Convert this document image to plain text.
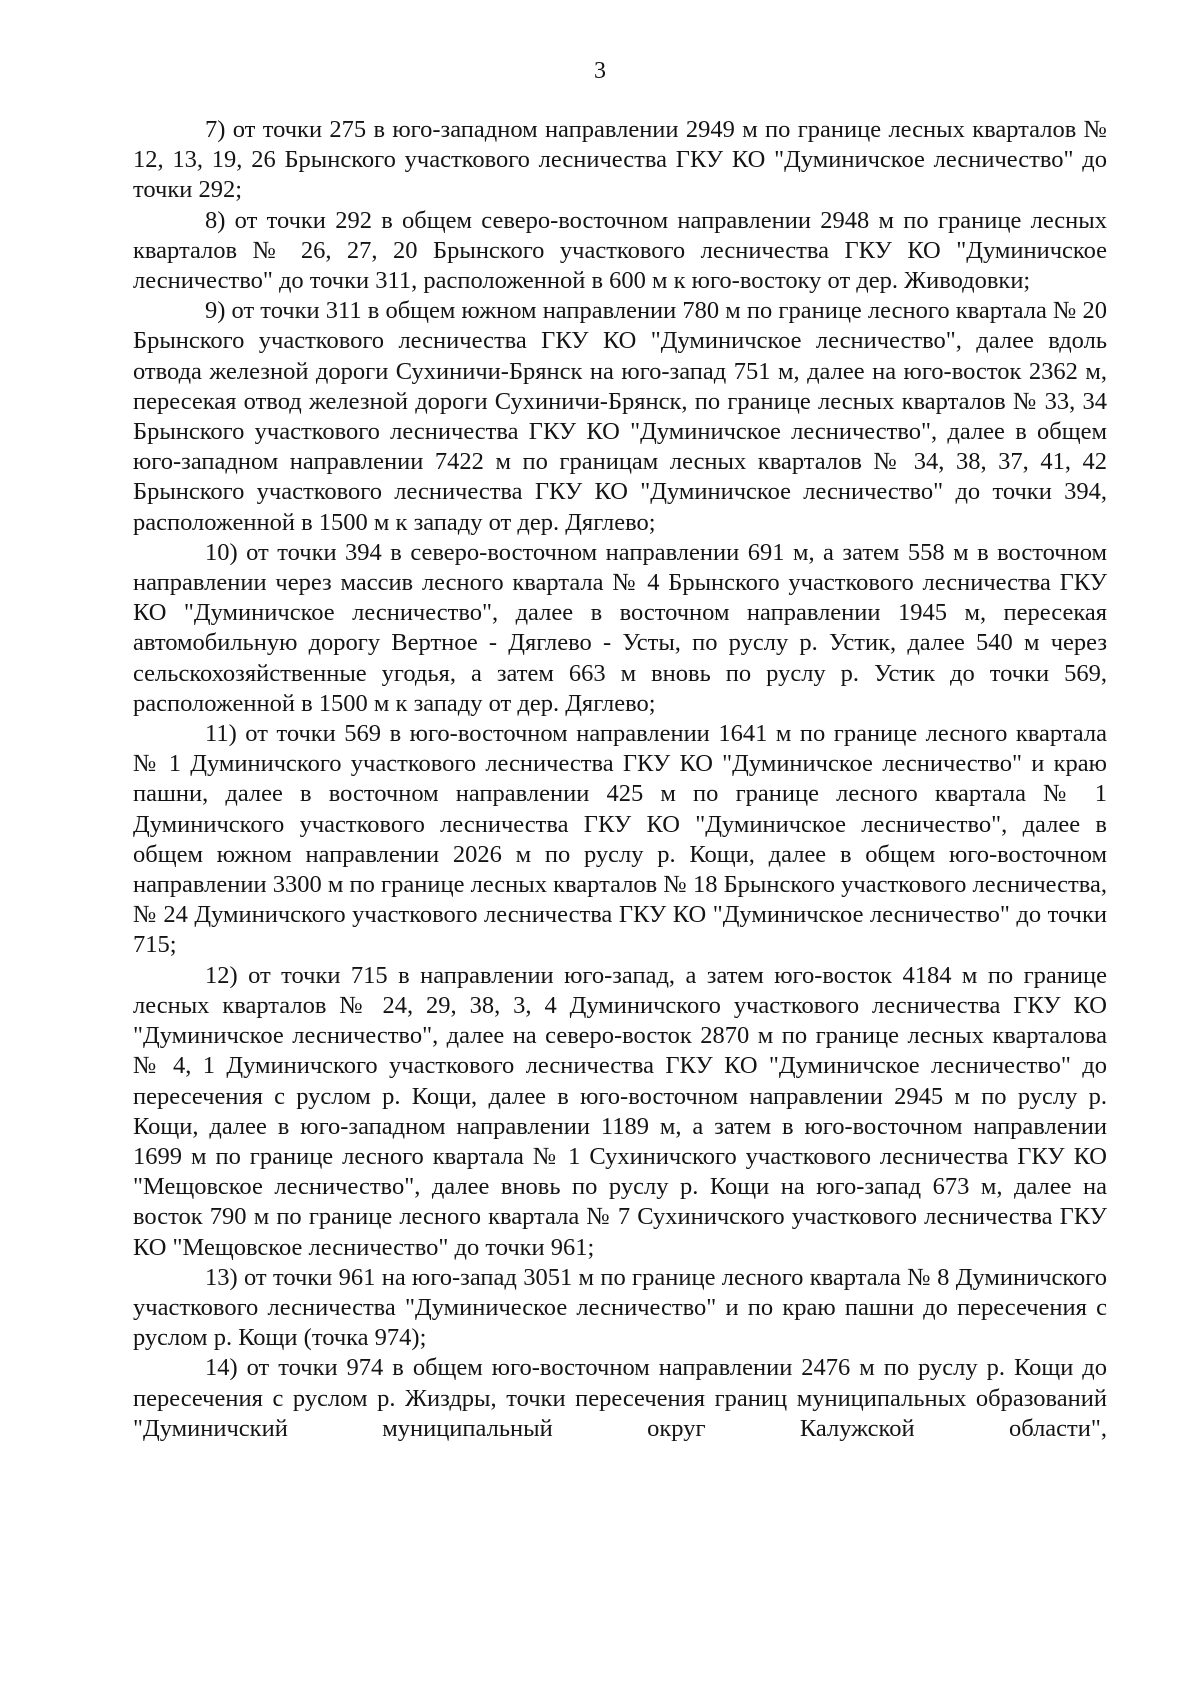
3

7) от точки 275 в юго-западном направлении 2949 м по границе лесных кварталов № 12, 13, 19, 26 Брынского участкового лесничества ГКУ КО "Думиничское лесничество" до точки 292;

8) от точки 292 в общем северо-восточном направлении 2948 м по границе лесных кварталов № 26, 27, 20 Брынского участкового лесничества ГКУ КО "Думиничское лесничество" до точки 311, расположенной в 600 м к юго-востоку от дер. Живодовки;

9) от точки 311 в общем южном направлении 780 м по границе лесного квартала № 20 Брынского участкового лесничества ГКУ КО "Думиничское лесничество", далее вдоль отвода железной дороги Сухиничи-Брянск на юго-запад 751 м, далее на юго-восток 2362 м, пересекая отвод железной дороги Сухиничи-Брянск, по границе лесных кварталов № 33, 34 Брынского участкового лесничества ГКУ КО "Думиничское лесничество", далее в общем юго-западном направлении 7422 м по границам лесных кварталов № 34, 38, 37, 41, 42 Брынского участкового лесничества ГКУ КО "Думиничское лесничество" до точки 394, расположенной в 1500 м к западу от дер. Дяглево;

10) от точки 394 в северо-восточном направлении 691 м, а затем 558 м в восточном направлении через массив лесного квартала № 4 Брынского участкового лесничества ГКУ КО "Думиничское лесничество", далее в восточном направлении 1945 м, пересекая автомобильную дорогу Вертное - Дяглево - Усты, по руслу р. Устик, далее 540 м через сельскохозяйственные угодья, а затем 663 м вновь по руслу р. Устик до точки 569, расположенной в 1500 м к западу от дер. Дяглево;

11) от точки 569 в юго-восточном направлении 1641 м по границе лесного квартала № 1 Думиничского участкового лесничества ГКУ КО "Думиничское лесничество" и краю пашни, далее в восточном направлении 425 м по границе лесного квартала № 1 Думиничского участкового лесничества ГКУ КО "Думиничское лесничество", далее в общем южном направлении 2026 м по руслу р. Кощи, далее в общем юго-восточном направлении 3300 м по границе лесных кварталов № 18 Брынского участкового лесничества, № 24 Думиничского участкового лесничества ГКУ КО "Думиничское лесничество" до точки 715;

12) от точки 715 в направлении юго-запад, а затем юго-восток 4184 м по границе лесных кварталов № 24, 29, 38, 3, 4 Думиничского участкового лесничества ГКУ КО "Думиничское лесничество", далее на северо-восток 2870 м по границе лесных кварталова № 4, 1 Думиничского участкового лесничества ГКУ КО "Думиничское лесничество" до пересечения с руслом р. Кощи, далее в юго-восточном направлении 2945 м по руслу р. Кощи, далее в юго-западном направлении 1189 м, а затем в юго-восточном направлении 1699 м по границе лесного квартала № 1 Сухиничского участкового лесничества ГКУ КО "Мещовское лесничество", далее вновь по руслу р. Кощи на юго-запад 673 м, далее на восток 790 м по границе лесного квартала № 7 Сухиничского участкового лесничества ГКУ КО "Мещовское лесничество" до точки 961;

13) от точки 961 на юго-запад 3051 м по границе лесного квартала № 8 Думиничского участкового лесничества "Думиническое лесничество" и по краю пашни до пересечения с руслом р. Кощи (точка 974);

14) от точки 974 в общем юго-восточном направлении 2476 м по руслу р. Кощи до пересечения с руслом р. Жиздры, точки пересечения границ муниципальных образований "Думиничский муниципальный округ Калужской области",
